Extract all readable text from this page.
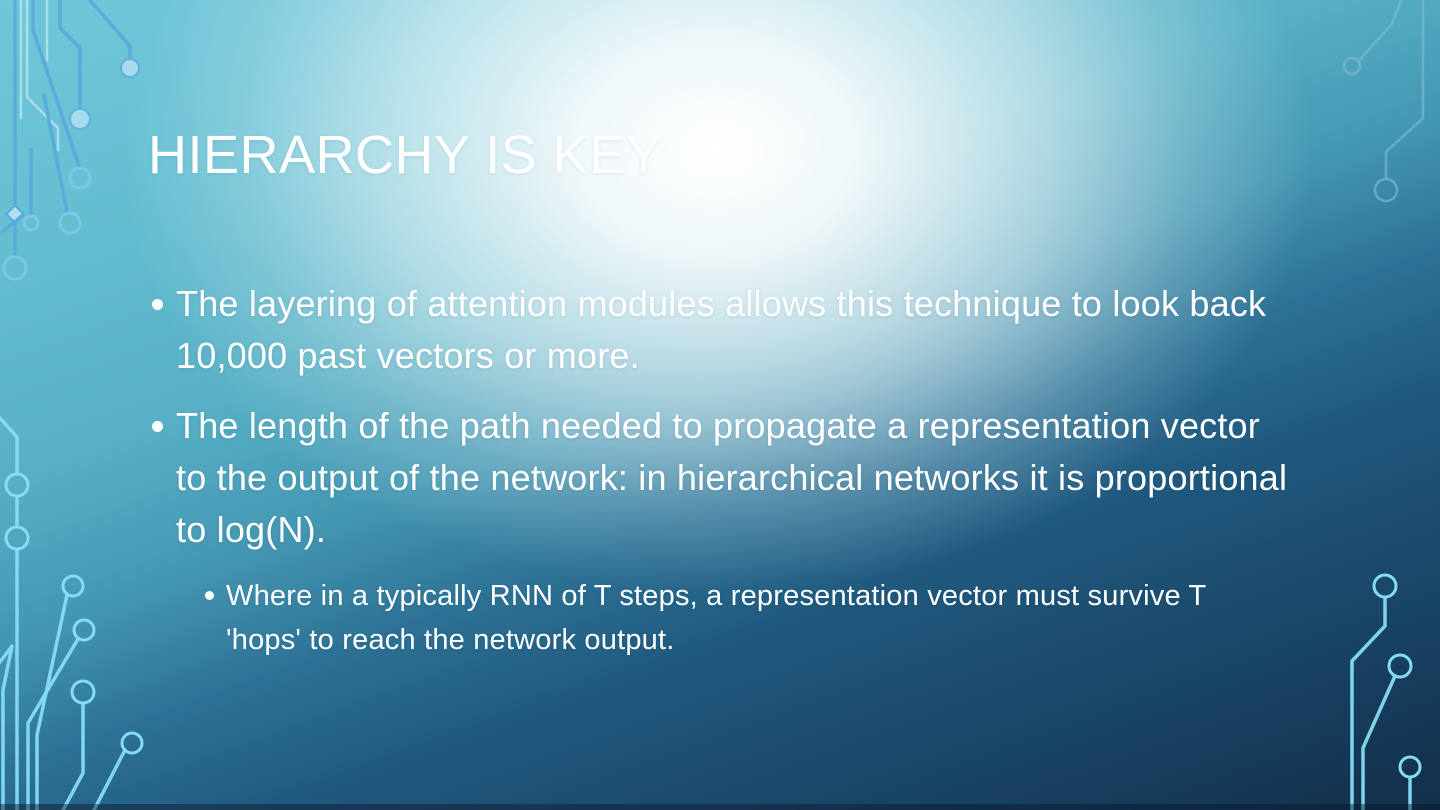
HIERARCHY IS KEY
The layering of attention modules allows this technique to look back 10,000 past vectors or more.
The length of the path needed to propagate a representation vector to the output of the network: in hierarchical networks it is proportional to log(N).
Where in a typically RNN of T steps, a representation vector must survive T 'hops' to reach the network output.
